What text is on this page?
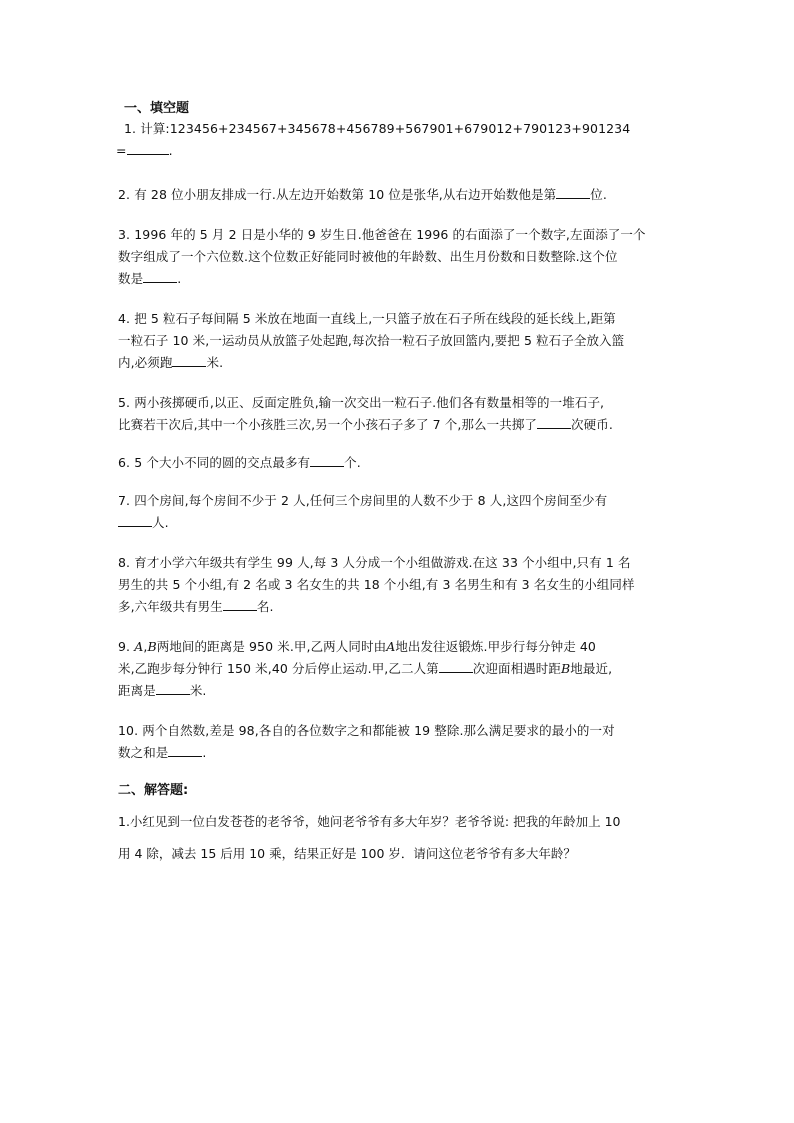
一、填空题

1. 计算:123456+234567+345678+456789+567901+679012+790123+901234

=	.

2. 有 28 位小朋友排成一行.从左边开始数第 10 位是张华,从右边开始数他是第	位.

3. 1996 年的 5 月 2 日是小华的 9 岁生日.他爸爸在 1996 的右面添了一个数字,左面添了一个
数字组成了一个六位数.这个位数正好能同时被他的年龄数、出生月份数和日数整除.这个位
数是	.

4. 把 5 粒石子每间隔 5 米放在地面一直线上,一只篮子放在石子所在线段的延长线上,距第
一粒石子 10 米,一运动员从放篮子处起跑,每次拾一粒石子放回篮内,要把 5 粒石子全放入篮
内,必须跑	米.

5. 两小孩掷硬币,以正、反面定胜负,输一次交出一粒石子.他们各有数量相等的一堆石子,
比赛若干次后,其中一个小孩胜三次,另一个小孩石子多了 7 个,那么一共掷了	次硬币.

6. 5 个大小不同的圆的交点最多有	个.

7. 四个房间,每个房间不少于 2 人,任何三个房间里的人数不少于 8 人,这四个房间至少有
人.

8. 育才小学六年级共有学生 99 人,每 3 人分成一个小组做游戏.在这 33 个小组中,只有 1 名
男生的共 5 个小组,有 2 名或 3 名女生的共 18 个小组,有 3 名男生和有 3 名女生的小组同样
多,六年级共有男生	名.

9. A,B两地间的距离是 950 米.甲,乙两人同时由A地出发往返锻炼.甲步行每分钟走 40
米,乙跑步每分钟行 150 米,40 分后停止运动.甲,乙二人第	次迎面相遇时距B地最近,
距离是	米.

10. 两个自然数,差是 98,各自的各位数字之和都能被 19 整除.那么满足要求的最小的一对
数之和是	.

二、解答题:

1.小红见到一位白发苍苍的老爷爷，她问老爷爷有多大年岁？老爷爷说: 把我的年龄加上 10
用 4 除，减去 15 后用 10 乘，结果正好是 100 岁．请问这位老爷爷有多大年龄？
